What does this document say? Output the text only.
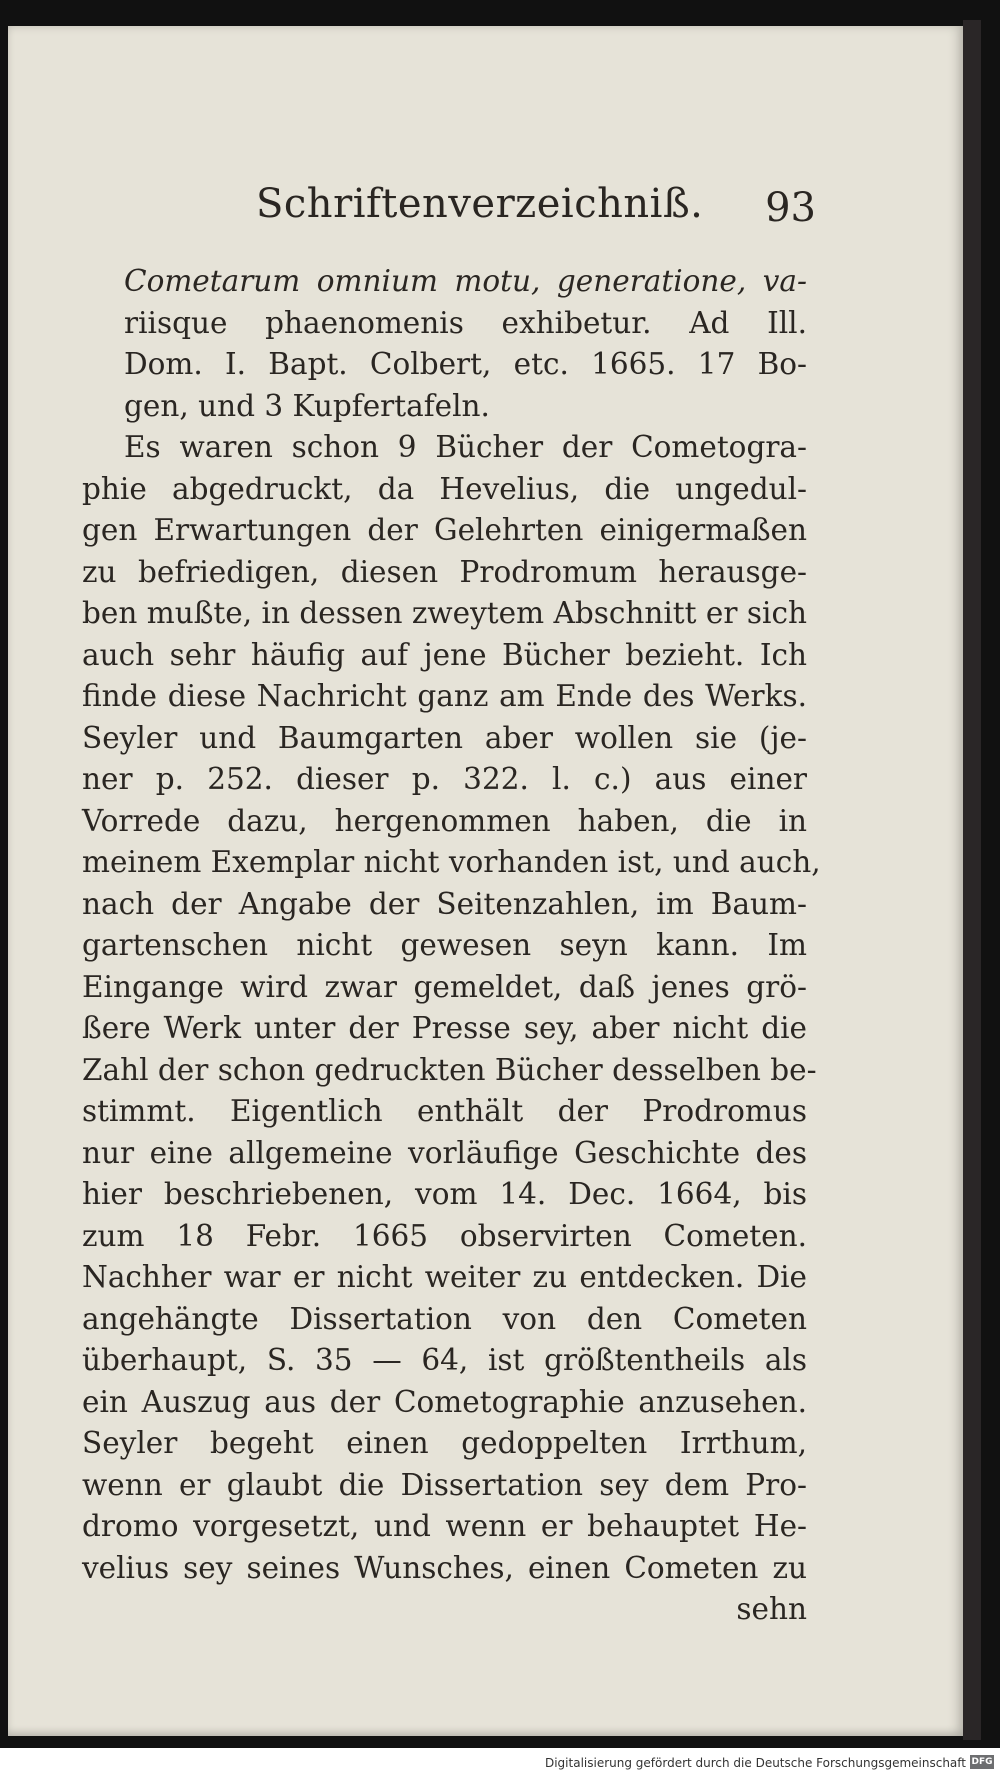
Schriftenverzeichniß. 93
Cometarum omnium motu, generatione, va-
riisque phaenomenis exhibetur. Ad Ill.
Dom. I. Bapt. Colbert, etc. 1665. 17 Bo-
gen, und 3 Kupfertafeln.
Es waren schon 9 Bücher der Cometogra-
phie abgedruckt, da Hevelius, die ungedul-
gen Erwartungen der Gelehrten einigermaßen
zu befriedigen, diesen Prodromum herausge-
ben mußte, in dessen zweytem Abschnitt er sich
auch sehr häufig auf jene Bücher bezieht. Ich
finde diese Nachricht ganz am Ende des Werks.
Seyler und Baumgarten aber wollen sie (je-
ner p. 252. dieser p. 322. l. c.) aus einer
Vorrede dazu, hergenommen haben, die in
meinem Exemplar nicht vorhanden ist, und auch,
nach der Angabe der Seitenzahlen, im Baum-
gartenschen nicht gewesen seyn kann. Im
Eingange wird zwar gemeldet, daß jenes grö-
ßere Werk unter der Presse sey, aber nicht die
Zahl der schon gedruckten Bücher desselben be-
stimmt. Eigentlich enthält der Prodromus
nur eine allgemeine vorläufige Geschichte des
hier beschriebenen, vom 14. Dec. 1664, bis
zum 18 Febr. 1665 observirten Cometen.
Nachher war er nicht weiter zu entdecken. Die
angehängte Dissertation von den Cometen
überhaupt, S. 35 — 64, ist größtentheils als
ein Auszug aus der Cometographie anzusehen.
Seyler begeht einen gedoppelten Irrthum,
wenn er glaubt die Dissertation sey dem Pro-
dromo vorgesetzt, und wenn er behauptet He-
velius sey seines Wunsches, einen Cometen zu
sehn
Digitalisierung gefördert durch die Deutsche Forschungsgemeinschaft DFG
